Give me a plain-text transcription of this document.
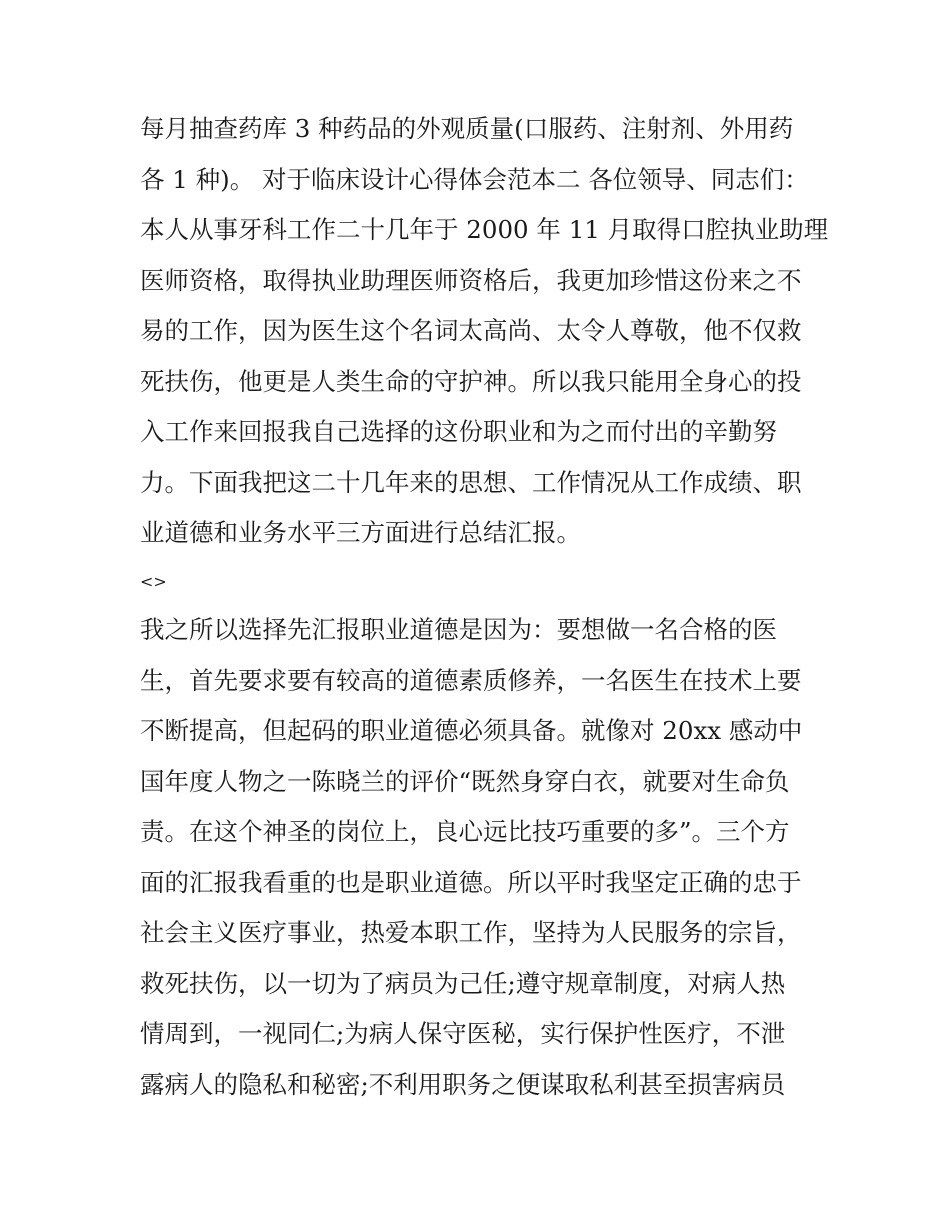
每月抽查药库 3 种药品的外观质量(口服药、注射剂、外用药
各 1 种)。 对于临床设计心得体会范本二 各位领导、同志们：
本人从事牙科工作二十几年于 2000 年 11 月取得口腔执业助理
医师资格，取得执业助理医师资格后，我更加珍惜这份来之不
易的工作，因为医生这个名词太高尚、太令人尊敬，他不仅救
死扶伤，他更是人类生命的守护神。所以我只能用全身心的投
入工作来回报我自己选择的这份职业和为之而付出的辛勤努
力。下面我把这二十几年来的思想、工作情况从工作成绩、职
业道德和业务水平三方面进行总结汇报。
<>
我之所以选择先汇报职业道德是因为：要想做一名合格的医
生，首先要求要有较高的道德素质修养，一名医生在技术上要
不断提高，但起码的职业道德必须具备。就像对 20xx 感动中
国年度人物之一陈晓兰的评价“既然身穿白衣，就要对生命负
责。在这个神圣的岗位上，良心远比技巧重要的多”。三个方
面的汇报我看重的也是职业道德。所以平时我坚定正确的忠于
社会主义医疗事业，热爱本职工作，坚持为人民服务的宗旨，
救死扶伤，以一切为了病员为己任;遵守规章制度，对病人热
情周到，一视同仁;为病人保守医秘，实行保护性医疗，不泄
露病人的隐私和秘密;不利用职务之便谋取私利甚至损害病员
